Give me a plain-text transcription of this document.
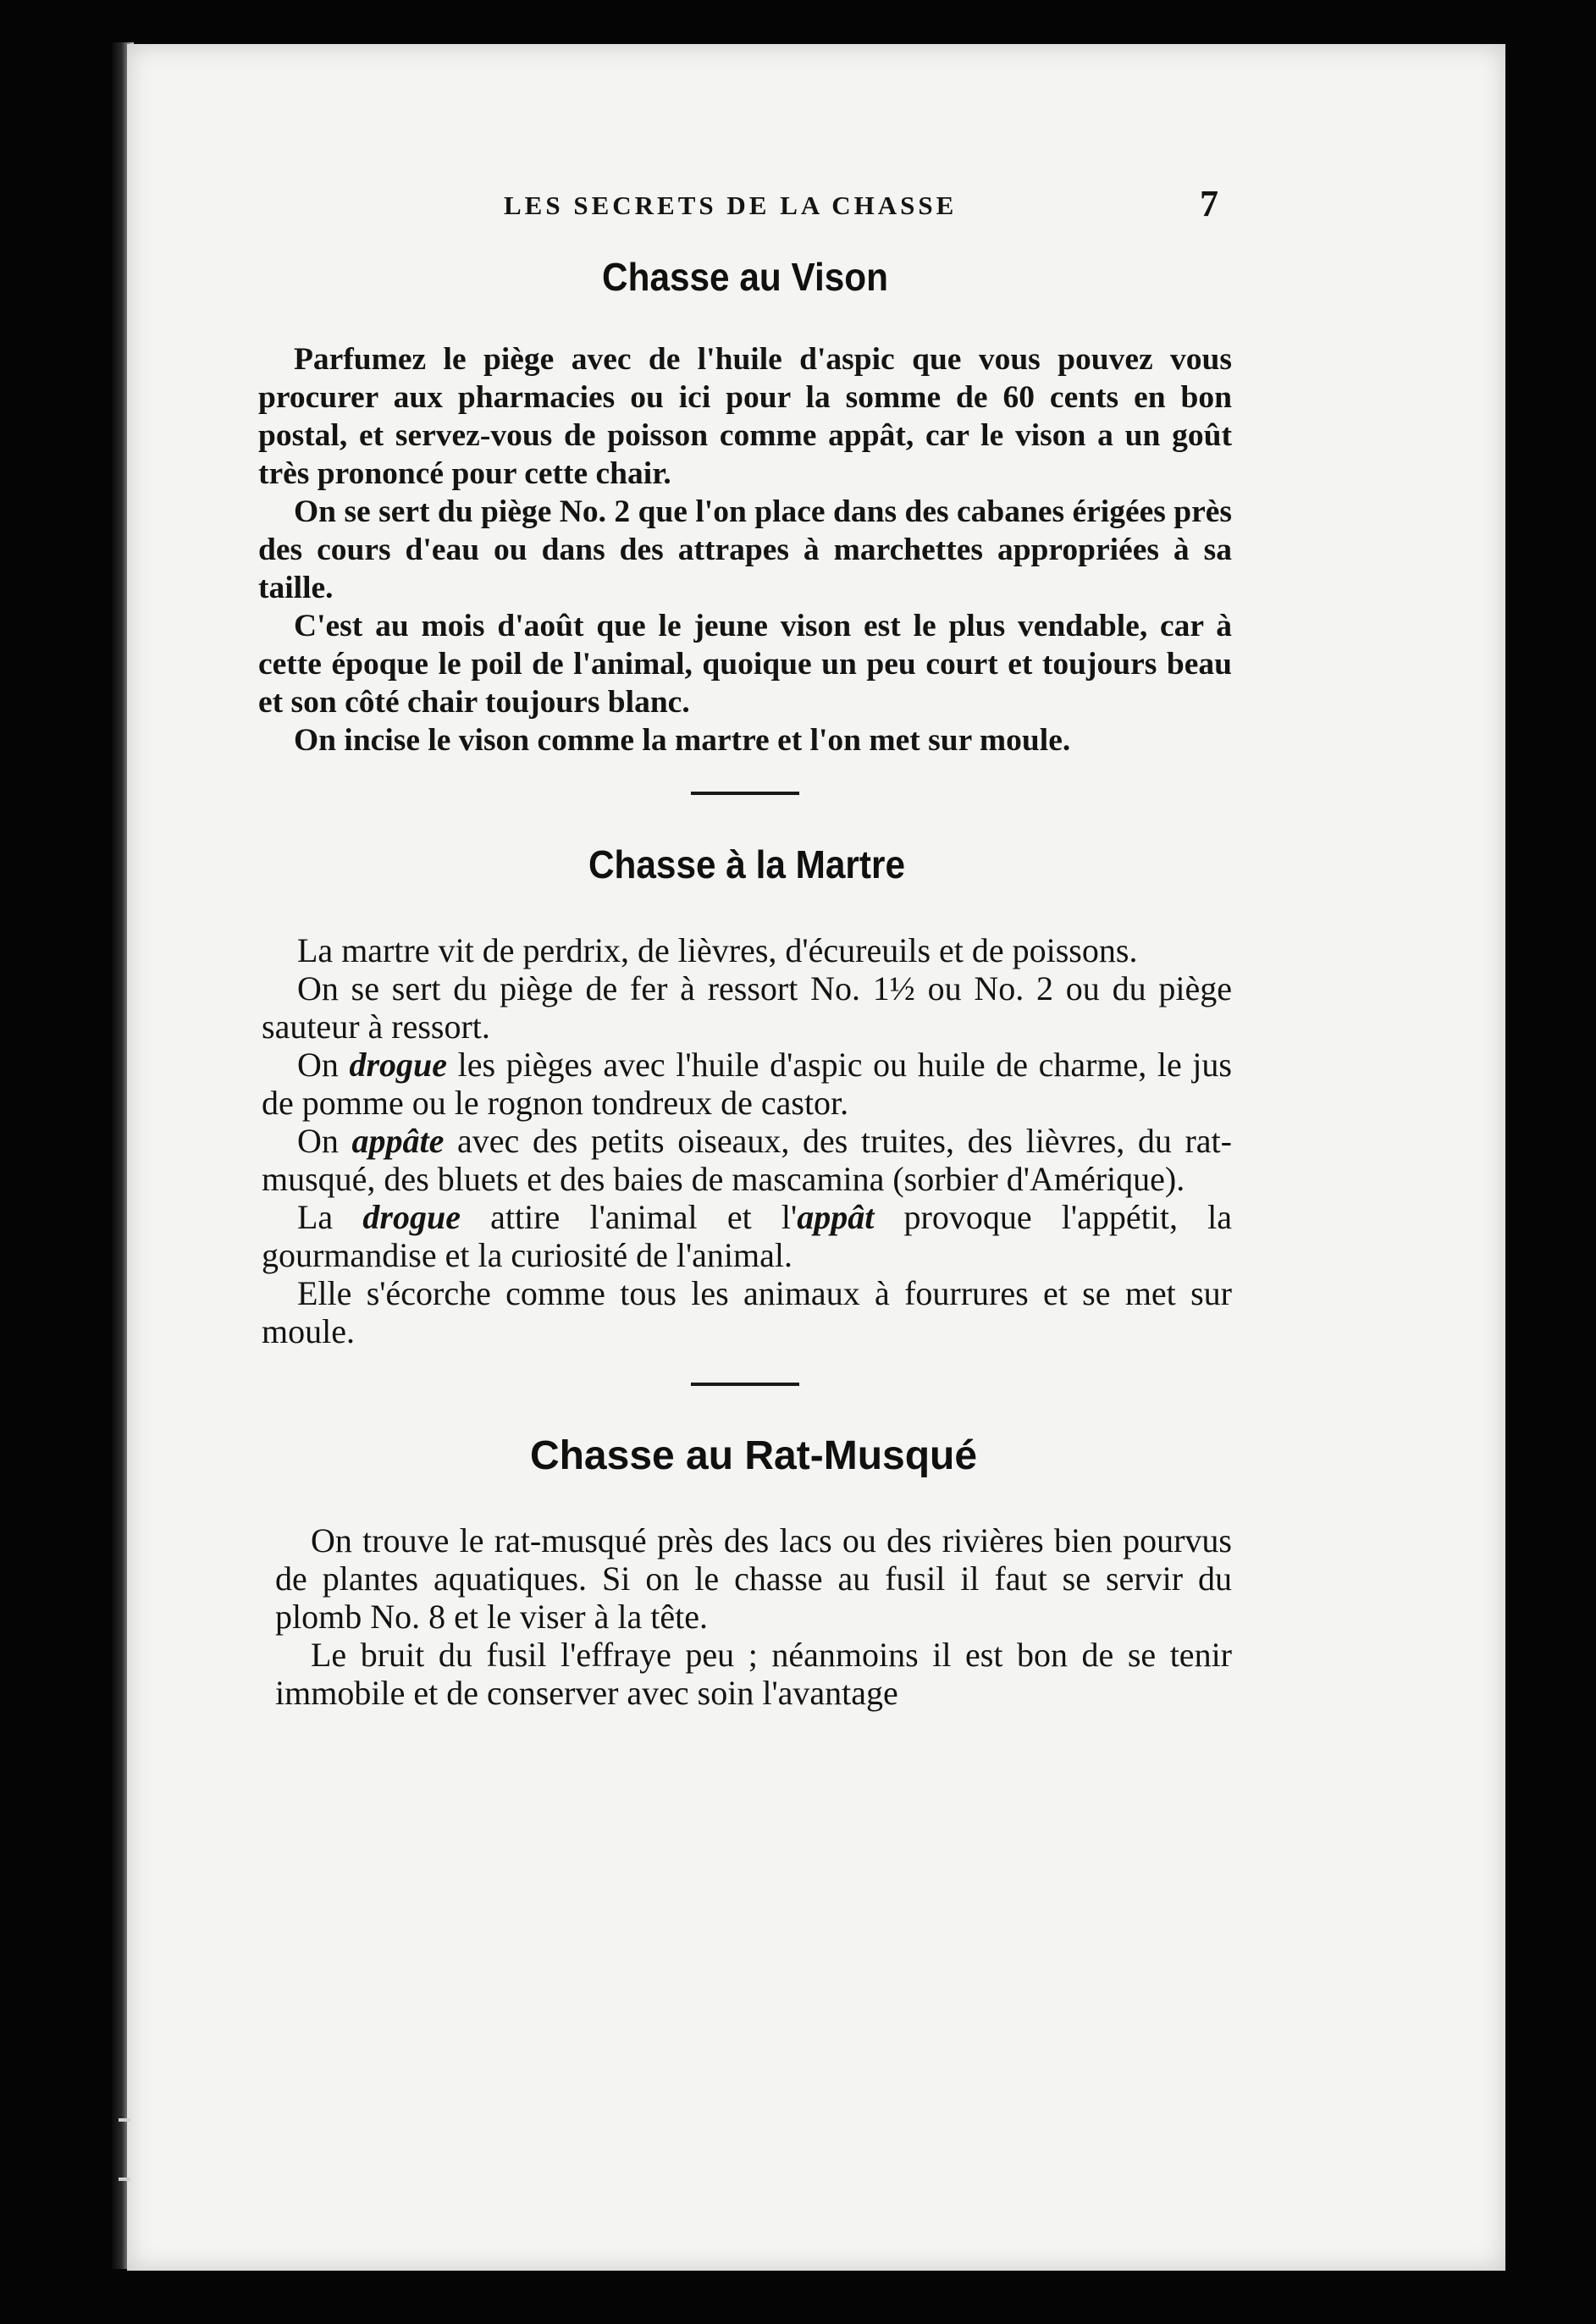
LES SECRETS DE LA CHASSE	7
Chasse au Vison

Parfumez le piège avec de l'huile d'aspic que vous pouvez vous procurer aux pharmacies ou ici pour la somme de 60 cents en bon postal, et servez-vous de poisson comme appât, car le vison a un goût très prononcé pour cette chair.

On se sert du piège No. 2 que l'on place dans des cabanes érigées près des cours d'eau ou dans des attrapes à marchettes appropriées à sa taille.

C'est au mois d'août que le jeune vison est le plus vendable, car à cette époque le poil de l'animal, quoique un peu court et toujours beau et son côté chair toujours blanc.

On incise le vison comme la martre et l'on met sur moule.

Chasse à la Martre

La martre vit de perdrix, de lièvres, d'écureuils et de poissons.

On se sert du piège de fer à ressort No. 1½ ou No. 2 ou du piège sauteur à ressort.

On drogue les pièges avec l'huile d'aspic ou huile de charme, le jus de pomme ou le rognon tondreux de castor.

On appâte avec des petits oiseaux, des truites, des lièvres, du rat-musqué, des bluets et des baies de mascamina (sorbier d'Amérique).

La drogue attire l'animal et l'appât provoque l'appétit, la gourmandise et la curiosité de l'animal.

Elle s'écorche comme tous les animaux à fourrures et se met sur moule.

Chasse au Rat-Musqué

On trouve le rat-musqué près des lacs ou des rivières bien pourvus de plantes aquatiques. Si on le chasse au fusil il faut se servir du plomb No. 8 et le viser à la tête.

Le bruit du fusil l'effraye peu ; néanmoins il est bon de se tenir immobile et de conserver avec soin l'avantage
